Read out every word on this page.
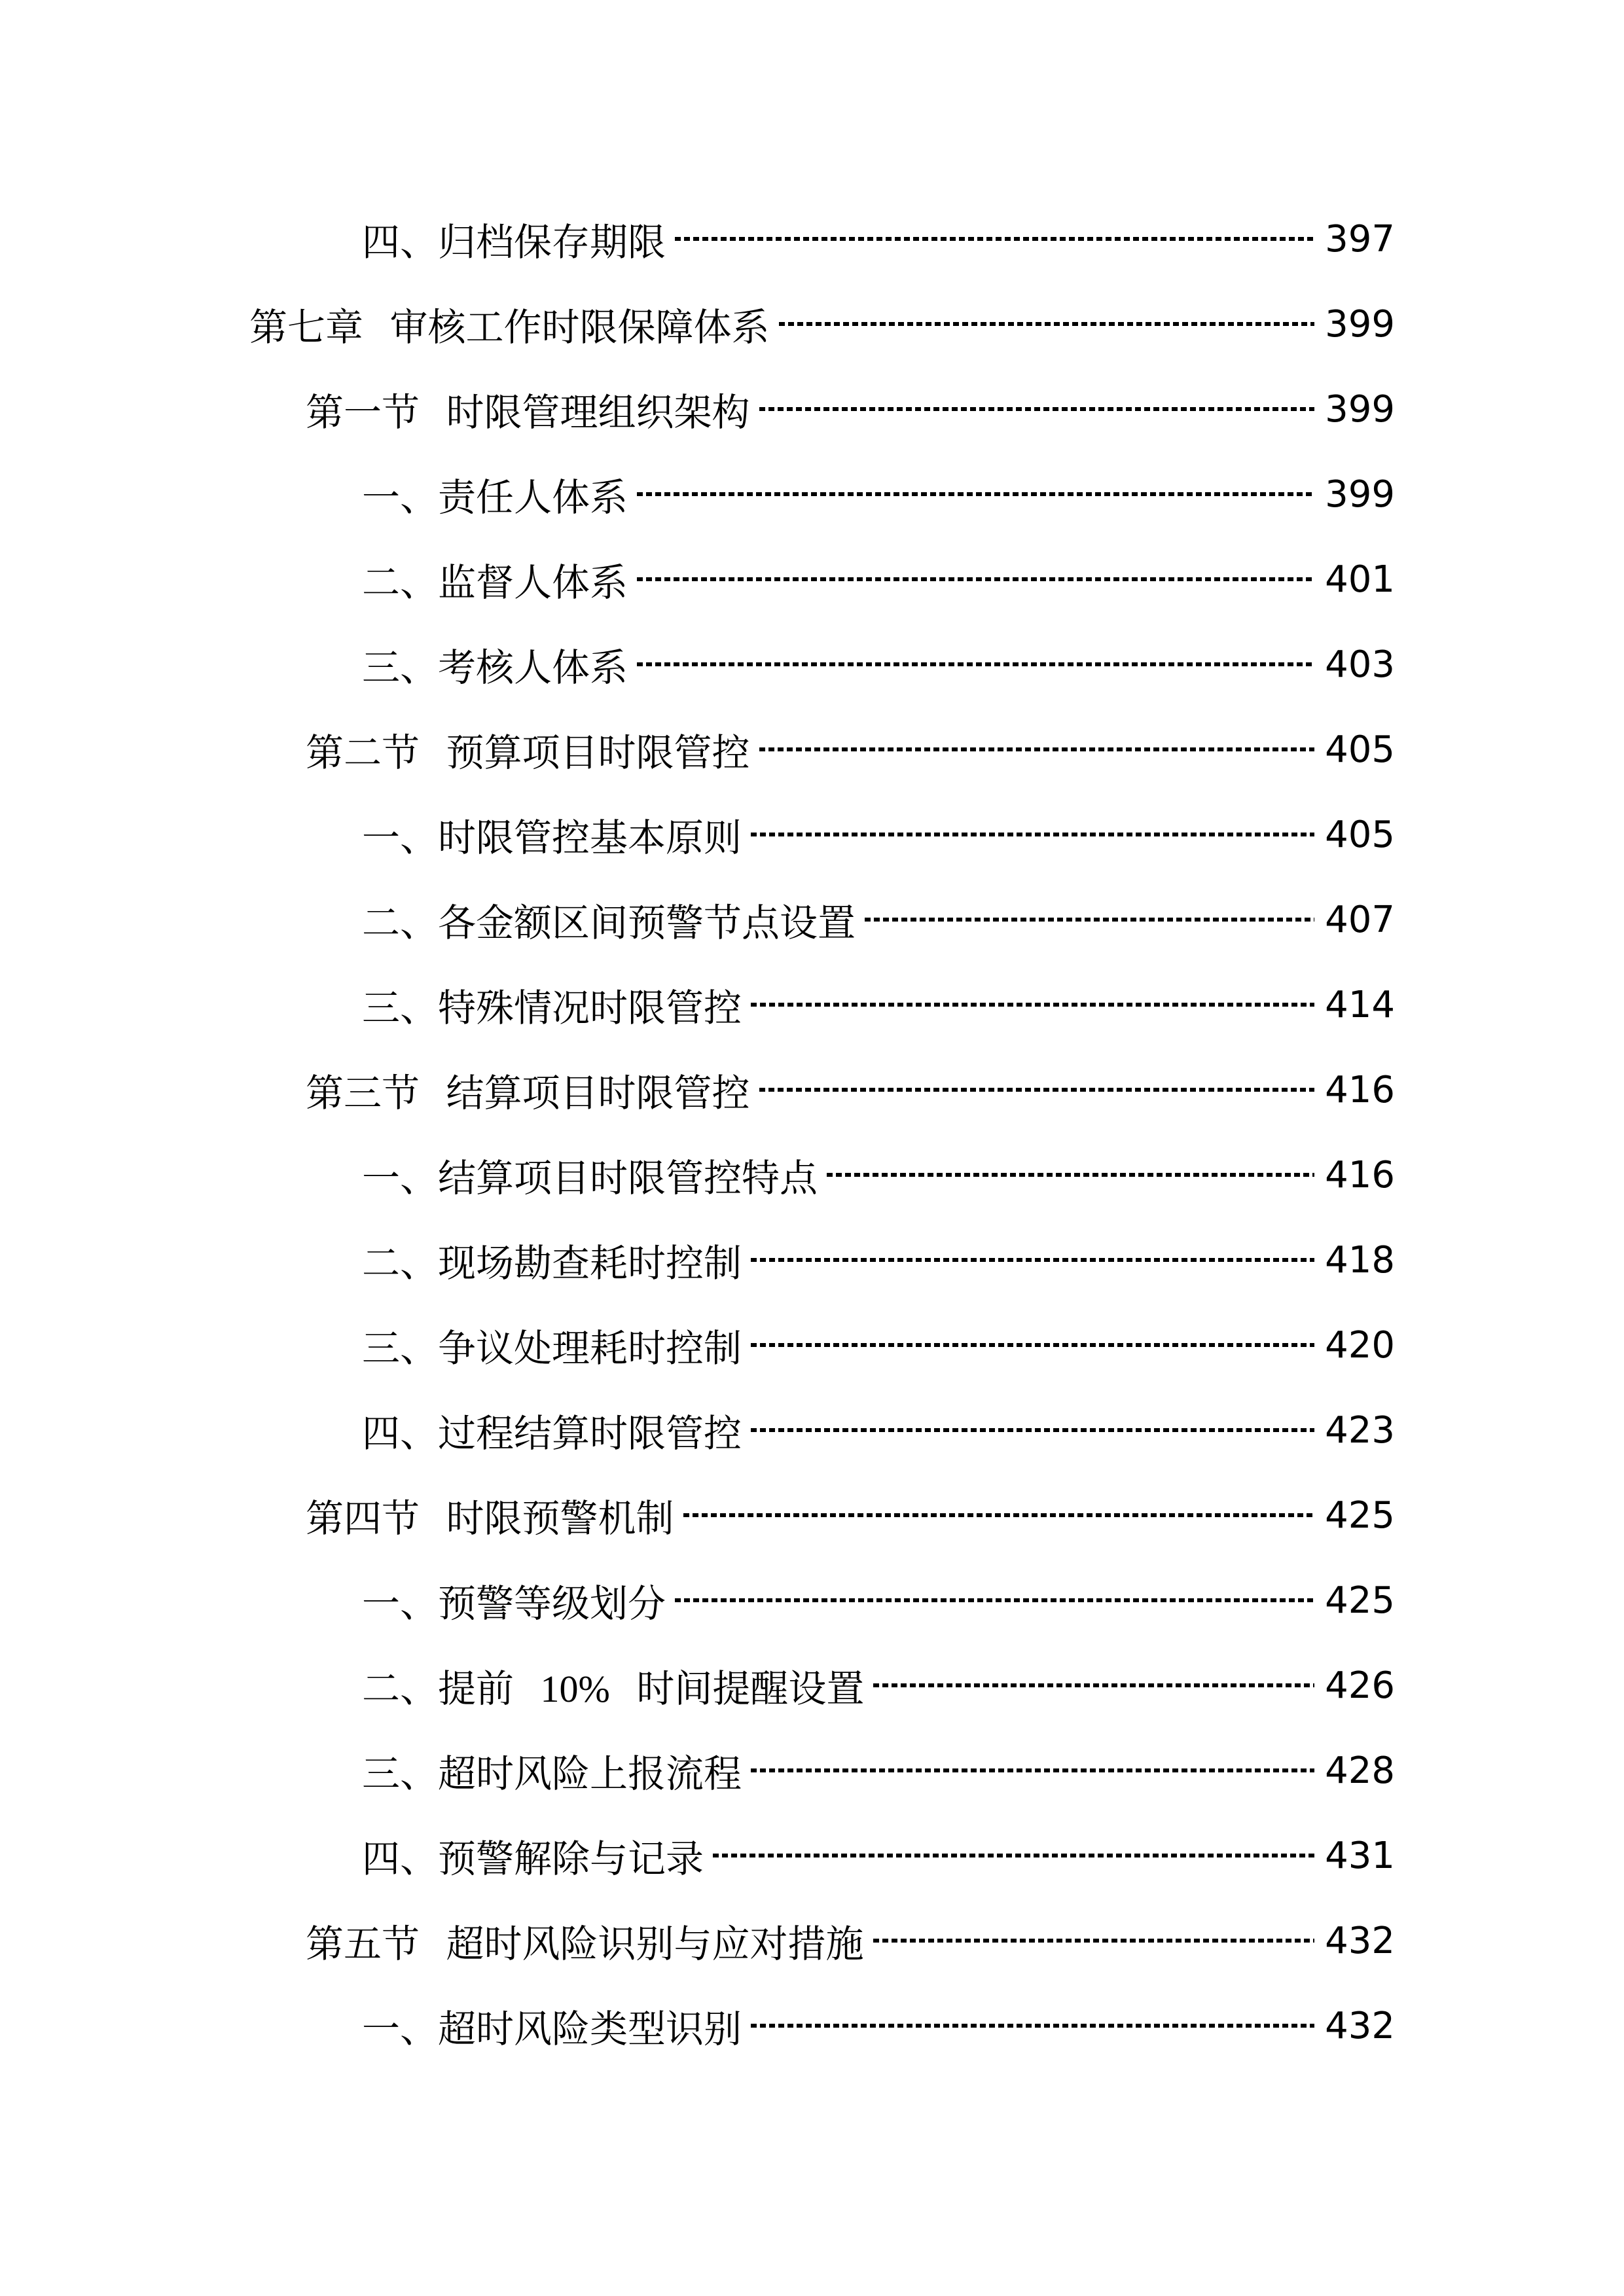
四、归档保存期限	397
第七章 审核工作时限保障体系	399
第一节 时限管理组织架构	399
一、责任人体系	399
二、监督人体系	401
三、考核人体系	403
第二节 预算项目时限管控	405
一、时限管控基本原则	405
二、各金额区间预警节点设置	407
三、特殊情况时限管控	414
第三节 结算项目时限管控	416
一、结算项目时限管控特点	416
二、现场勘查耗时控制	418
三、争议处理耗时控制	420
四、过程结算时限管控	423
第四节 时限预警机制	425
一、预警等级划分	425
二、提前 10% 时间提醒设置	426
三、超时风险上报流程	428
四、预警解除与记录	431
第五节 超时风险识别与应对措施	432
一、超时风险类型识别	432
